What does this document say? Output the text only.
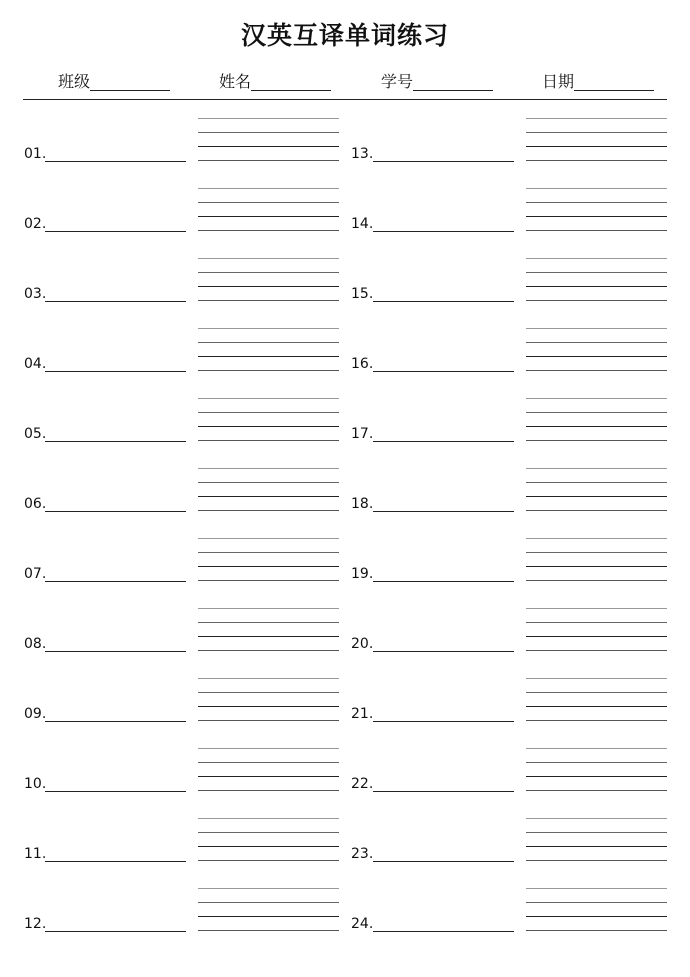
汉英互译单词练习
班级	姓名	学号	日期
01.	13.
02.	14.
03.	15.
04.	16.
05.	17.
06.	18.
07.	19.
08.	20.
09.	21.
10.	22.
11.	23.
12.	24.
